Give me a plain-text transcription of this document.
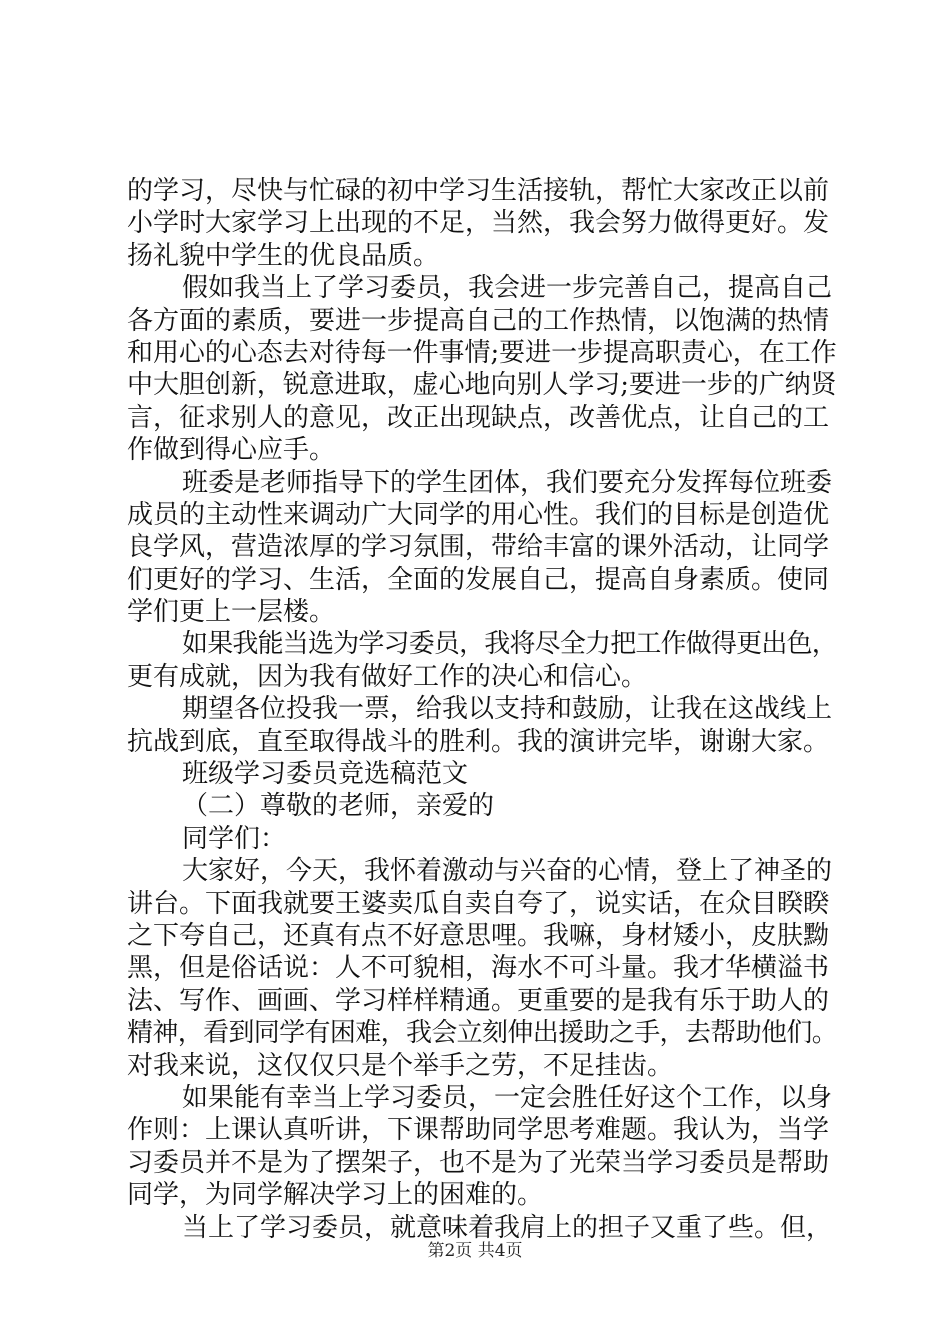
的学习，尽快与忙碌的初中学习生活接轨，帮忙大家改正以前
小学时大家学习上出现的不足，当然，我会努力做得更好。发
扬礼貌中学生的优良品质。
假如我当上了学习委员，我会进一步完善自己，提高自己
各方面的素质，要进一步提高自己的工作热情，以饱满的热情
和用心的心态去对待每一件事情;要进一步提高职责心，在工作
中大胆创新，锐意进取，虚心地向别人学习;要进一步的广纳贤
言，征求别人的意见，改正出现缺点，改善优点，让自己的工
作做到得心应手。
班委是老师指导下的学生团体，我们要充分发挥每位班委
成员的主动性来调动广大同学的用心性。我们的目标是创造优
良学风，营造浓厚的学习氛围，带给丰富的课外活动，让同学
们更好的学习、生活，全面的发展自己，提高自身素质。使同
学们更上一层楼。
如果我能当选为学习委员，我将尽全力把工作做得更出色，
更有成就，因为我有做好工作的决心和信心。
期望各位投我一票，给我以支持和鼓励，让我在这战线上
抗战到底，直至取得战斗的胜利。我的演讲完毕，谢谢大家。
班级学习委员竞选稿范文
（二）尊敬的老师，亲爱的
同学们：
大家好，今天，我怀着激动与兴奋的心情，登上了神圣的
讲台。下面我就要王婆卖瓜自卖自夸了，说实话，在众目睽睽
之下夸自己，还真有点不好意思哩。我嘛，身材矮小，皮肤黝
黑，但是俗话说：人不可貌相，海水不可斗量。我才华横溢书
法、写作、画画、学习样样精通。更重要的是我有乐于助人的
精神，看到同学有困难，我会立刻伸出援助之手，去帮助他们。
对我来说，这仅仅只是个举手之劳，不足挂齿。
如果能有幸当上学习委员，一定会胜任好这个工作，以身
作则：上课认真听讲，下课帮助同学思考难题。我认为，当学
习委员并不是为了摆架子，也不是为了光荣当学习委员是帮助
同学，为同学解决学习上的困难的。
当上了学习委员，就意味着我肩上的担子又重了些。但，
第2页 共4页
